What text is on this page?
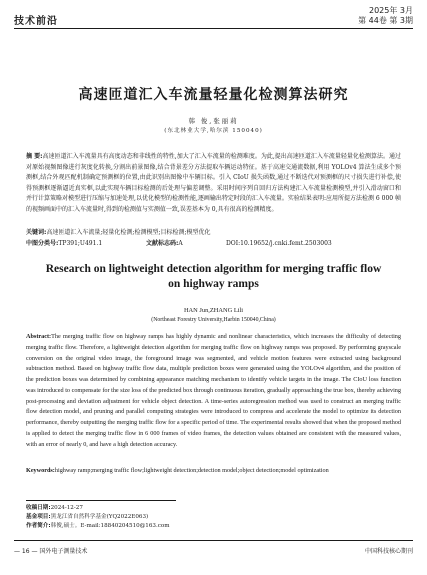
技术前沿
2025年 3月
第 44卷 第 3期
高速匝道汇入车流量轻量化检测算法研究
韩 俊,张丽莉
(东北林业大学,哈尔滨 150040)
摘 要:高速匝道汇入车流量具有高度动态和非线性的特性,加大了汇入车流量的检测难度。为此,提出高速匝道汇入车流量轻量化检测算法。通过对原始视频图像进行灰度化转换,分割出前景图像,结合背景差分方法提取车辆运动特征。基于高速交通流数据,利用 YOLOv4 算法生成多个预测框,结合外观匹配机制确定预测框的位置,由此识别出图像中车辆目标。引入 CIoU 损失函数,通过不断迭代对预测框的尺寸损失进行补偿,使得预测框逐渐逼近真实框,以此实现车辆目标检测的后处理与偏差调整。采用时间序列自回归方法构建汇入车流量检测模型,并引入滑动窗口和并行计算策略对模型进行压缩与加速处理,以优化模型的检测性能,逐画输出特定时段的汇入车流量。实验结果表明:应用所提方法检测 6 000 帧的视频画面中的汇入车流量时,得到的检测值与实测值一致,误差基本为 0,具有很高的检测精度。
关键词:高速匝道汇入车流量;轻量化检测;检测模型;目标检测;模型优化
中图分类号:TP391;U491.1	文献标志码:A	DOI:10.19652/j.cnki.femt.2503003
Research on lightweight detection algorithm for merging traffic flow on highway ramps
HAN Jun,ZHANG Lili
(Northeast Forestry University,Harbin 150040,China)
Abstract:The merging traffic flow on highway ramps has highly dynamic and nonlinear characteristics, which increases the difficulty of detecting merging traffic flow. Therefore, a lightweight detection algorithm for merging traffic flow on highway ramps was proposed. By performing grayscale conversion on the original video image, the foreground image was segmented, and vehicle motion features were extracted using background subtraction method. Based on highway traffic flow data, multiple prediction boxes were generated using the YOLOv4 algorithm, and the position of the prediction boxes was determined by combining appearance matching mechanism to identify vehicle targets in the image. The CIoU loss function was introduced to compensate for the size loss of the predicted box through continuous iteration, gradually approaching the true box, thereby achieving post-processing and deviation adjustment for vehicle object detection. A time-series autoregression method was used to construct an merging traffic flow detection model, and pruning and parallel computing strategies were introduced to compress and accelerate the model to optimize its detection performance, thereby outputting the merging traffic flow for a specific period of time. The experimental results showed that when the proposed method is applied to detect the merging traffic flow in 6 000 frames of video frames, the detection values obtained are consistent with the measured values, with an error of nearly 0, and have a high detection accuracy.
Keywords:highway ramp;merging traffic flow;lightweight detection;detection model;object detection;model optimization
收稿日期:2024-12-27
基金项目:黑龙江省自然科学基金(YQ2022E063)
作者简介:韩俊,硕士。E-mail:18840204510@163.com
— 16 — 国外电子测量技术	中国科技核心期刊
